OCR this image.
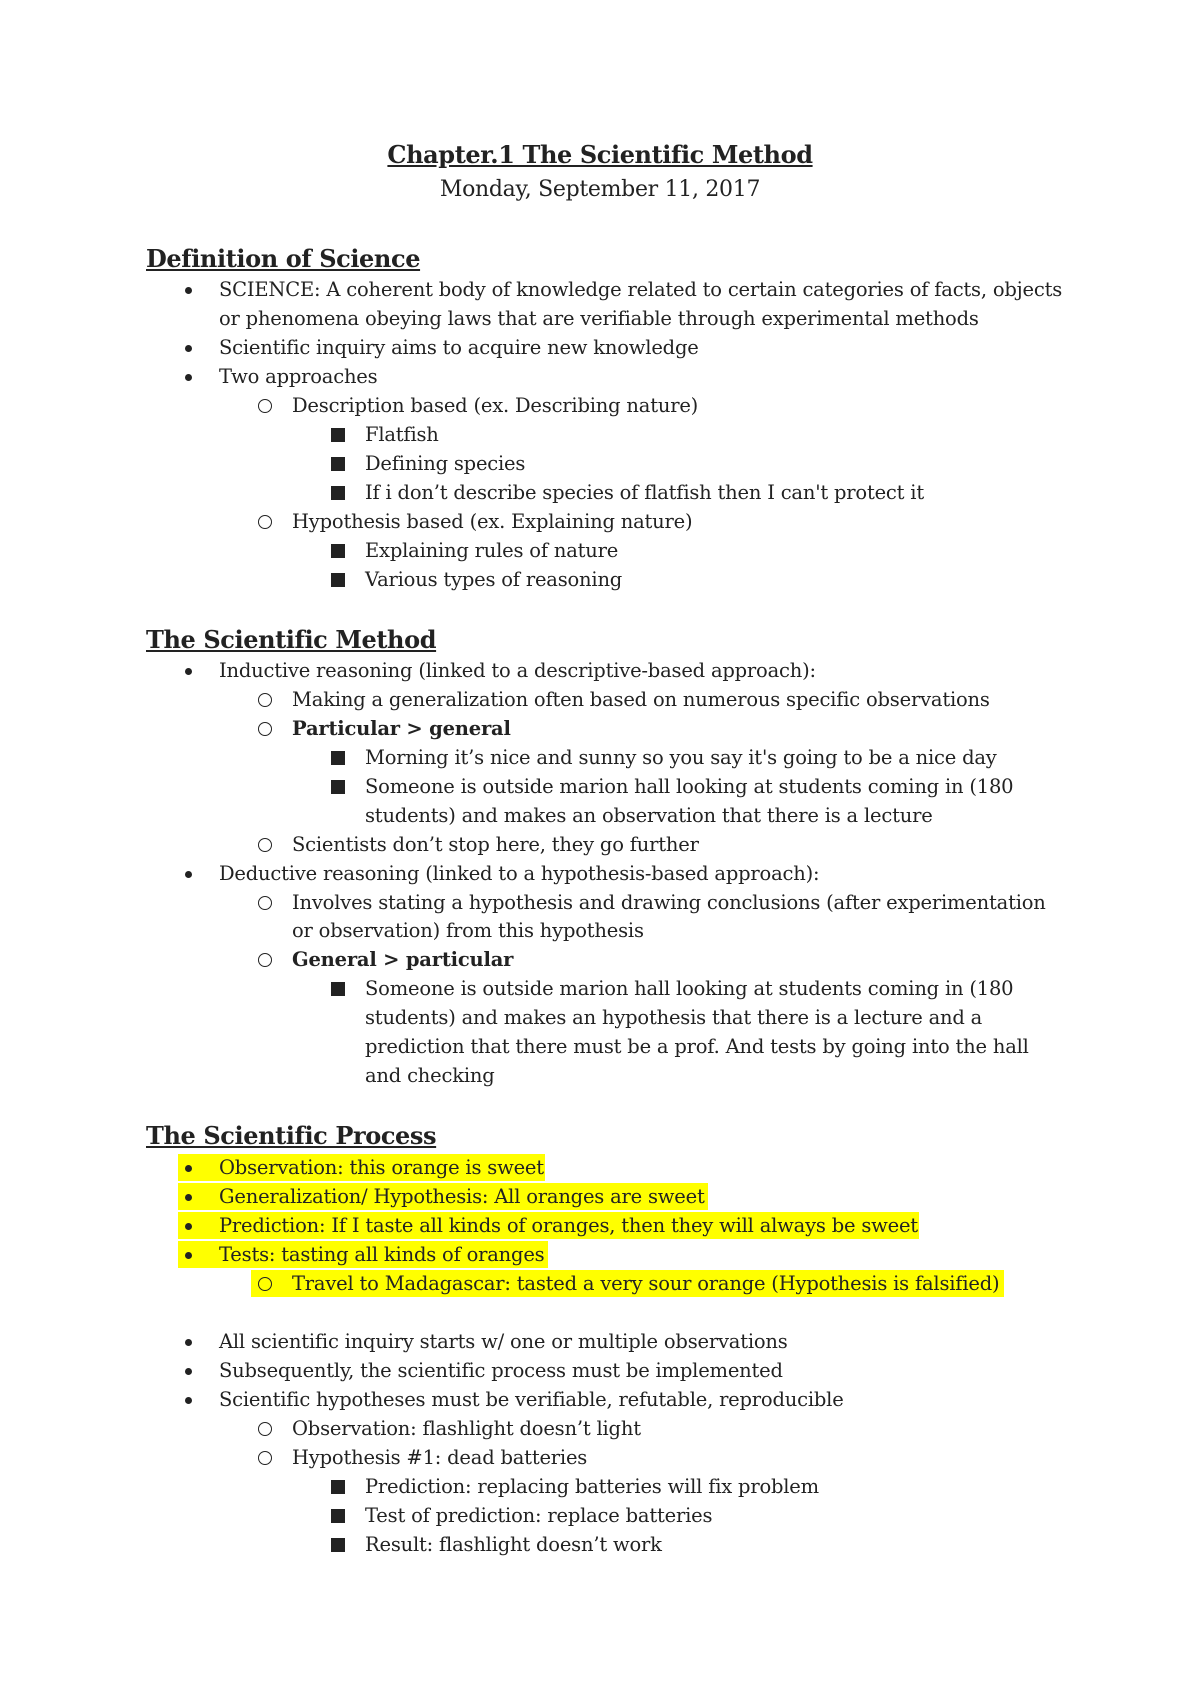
Chapter.1 The Scientific Method
Monday, September 11, 2017
Definition of Science
SCIENCE: A coherent body of knowledge related to certain categories of facts, objects
or phenomena obeying laws that are verifiable through experimental methods
Scientific inquiry aims to acquire new knowledge
Two approaches
Description based (ex. Describing nature)
Flatfish
Defining species
If i don’t describe species of flatfish then I can't protect it
Hypothesis based (ex. Explaining nature)
Explaining rules of nature
Various types of reasoning
The Scientific Method
Inductive reasoning (linked to a descriptive-based approach):
Making a generalization often based on numerous specific observations
Particular > general
Morning it’s nice and sunny so you say it's going to be a nice day
Someone is outside marion hall looking at students coming in (180
students) and makes an observation that there is a lecture
Scientists don’t stop here, they go further
Deductive reasoning (linked to a hypothesis-based approach):
Involves stating a hypothesis and drawing conclusions (after experimentation
or observation) from this hypothesis
General > particular
Someone is outside marion hall looking at students coming in (180
students) and makes an hypothesis that there is a lecture and a
prediction that there must be a prof. And tests by going into the hall
and checking
The Scientific Process
Observation: this orange is sweet
Generalization/ Hypothesis: All oranges are sweet
Prediction: If I taste all kinds of oranges, then they will always be sweet
Tests: tasting all kinds of oranges
Travel to Madagascar: tasted a very sour orange (Hypothesis is falsified)
All scientific inquiry starts w/ one or multiple observations
Subsequently, the scientific process must be implemented
Scientific hypotheses must be verifiable, refutable, reproducible
Observation: flashlight doesn’t light
Hypothesis #1: dead batteries
Prediction: replacing batteries will fix problem
Test of prediction: replace batteries
Result: flashlight doesn’t work
